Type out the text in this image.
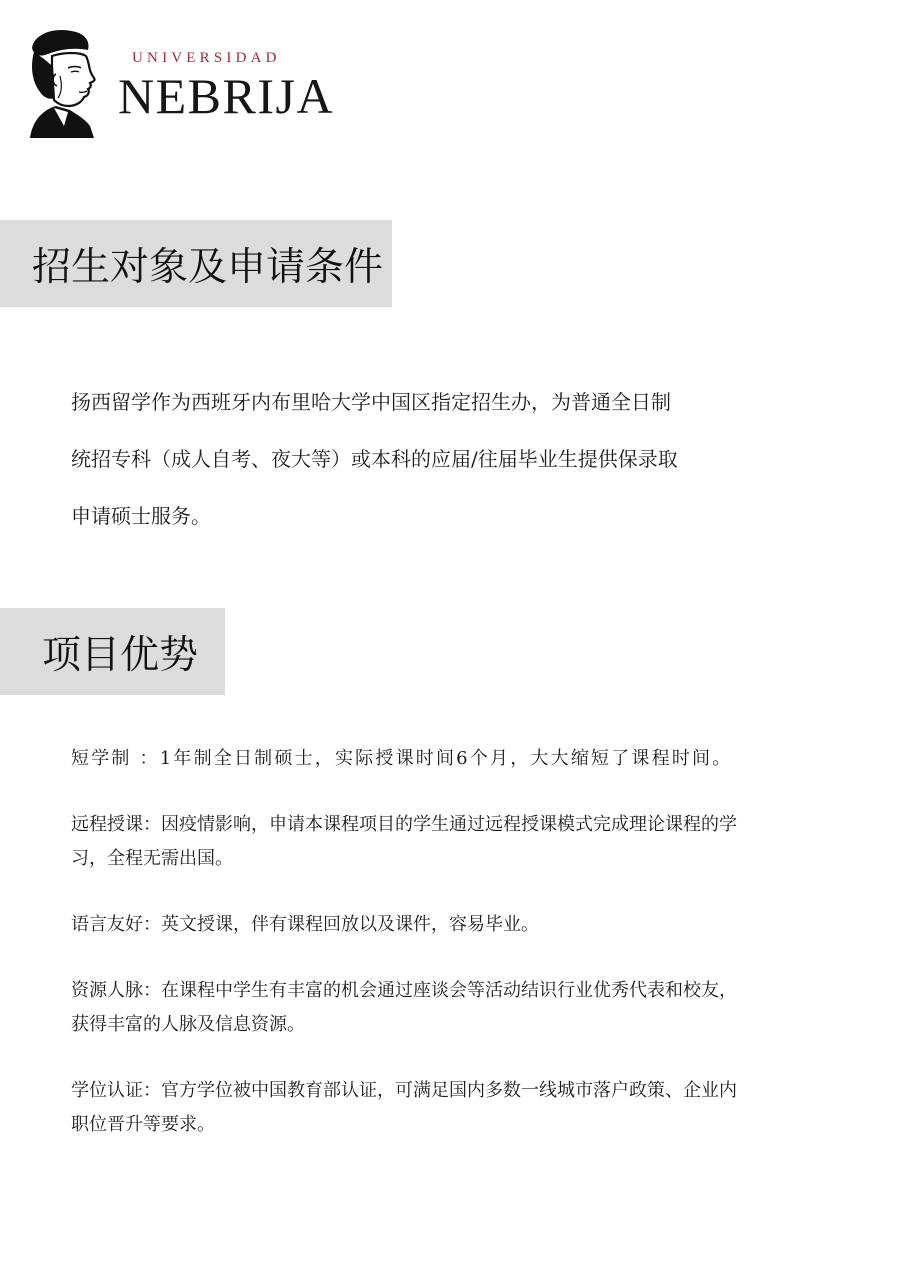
UNIVERSIDAD
NEBRIJA
招生对象及申请条件
扬西留学作为西班牙内布里哈大学中国区指定招生办，为普通全日制
统招专科（成人自考、夜大等）或本科的应届/往届毕业生提供保录取
申请硕士服务。
项目优势

短学制 ：1年制全日制硕士，实际授课时间6个月，大大缩短了课程时间。

远程授课：因疫情影响，申请本课程项目的学生通过远程授课模式完成理论课程的学
习，全程无需出国。

语言友好：英文授课，伴有课程回放以及课件，容易毕业。

资源人脉：在课程中学生有丰富的机会通过座谈会等活动结识行业优秀代表和校友，
获得丰富的人脉及信息资源。

学位认证：官方学位被中国教育部认证，可满足国内多数一线城市落户政策、企业内
职位晋升等要求。
